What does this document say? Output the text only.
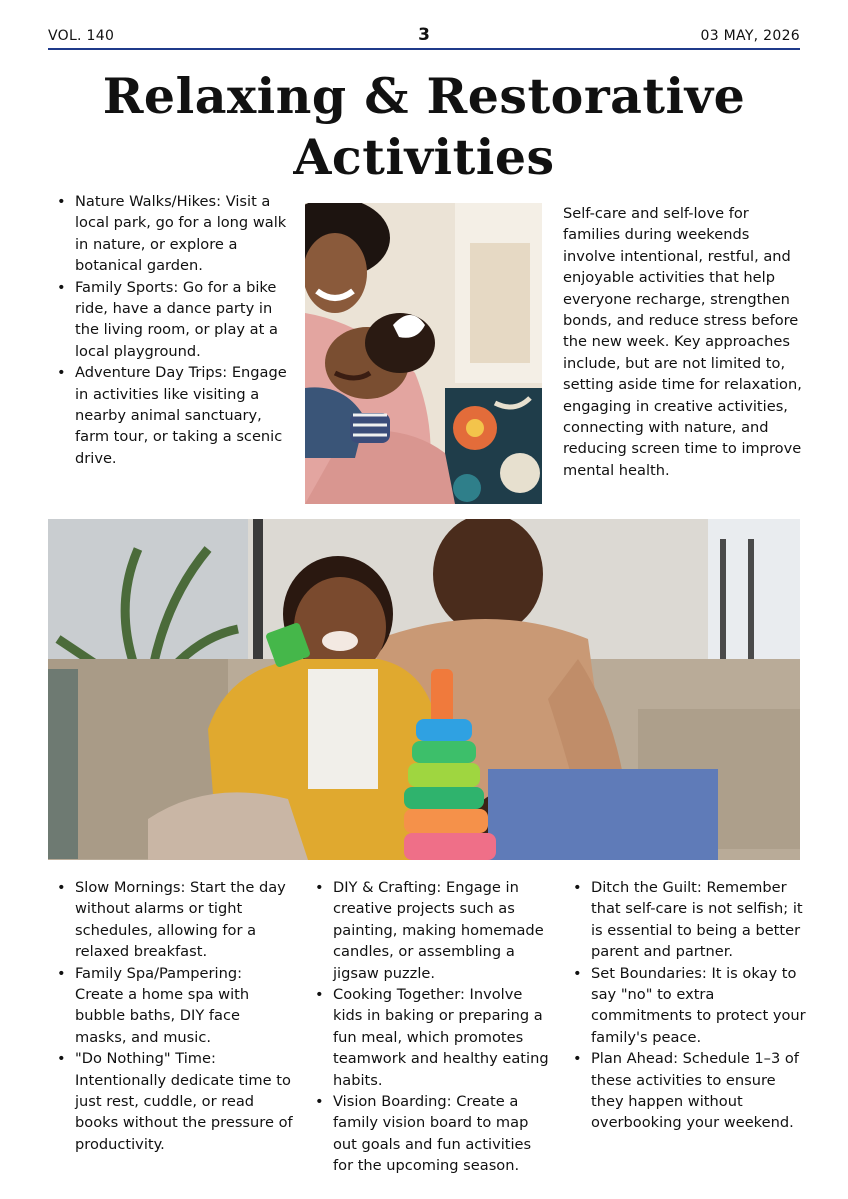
VOL. 140	3	03 MAY, 2026
Relaxing & Restorative Activities
• Nature Walks/Hikes: Visit a local park, go for a long walk in nature, or explore a botanical garden.
• Family Sports: Go for a bike ride, have a dance party in the living room, or play at a local playground.
• Adventure Day Trips: Engage in activities like visiting a nearby animal sanctuary, farm tour, or taking a scenic drive.

Self-care and self-love for families during weekends involve intentional, restful, and enjoyable activities that help everyone recharge, strengthen bonds, and reduce stress before the new week. Key approaches include, but are not limited to, setting aside time for relaxation, engaging in creative activities, connecting with nature, and reducing screen time to improve mental health.

• Slow Mornings: Start the day without alarms or tight schedules, allowing for a relaxed breakfast.
• Family Spa/Pampering: Create a home spa with bubble baths, DIY face masks, and music.
• "Do Nothing" Time: Intentionally dedicate time to just rest, cuddle, or read books without the pressure of productivity.
• DIY & Crafting: Engage in creative projects such as painting, making homemade candles, or assembling a jigsaw puzzle.
• Cooking Together: Involve kids in baking or preparing a fun meal, which promotes teamwork and healthy eating habits.
• Vision Boarding: Create a family vision board to map out goals and fun activities for the upcoming season.
• Ditch the Guilt: Remember that self-care is not selfish; it is essential to being a better parent and partner.
• Set Boundaries: It is okay to say "no" to extra commitments to protect your family's peace.
• Plan Ahead: Schedule 1–3 of these activities to ensure they happen without overbooking your weekend.
